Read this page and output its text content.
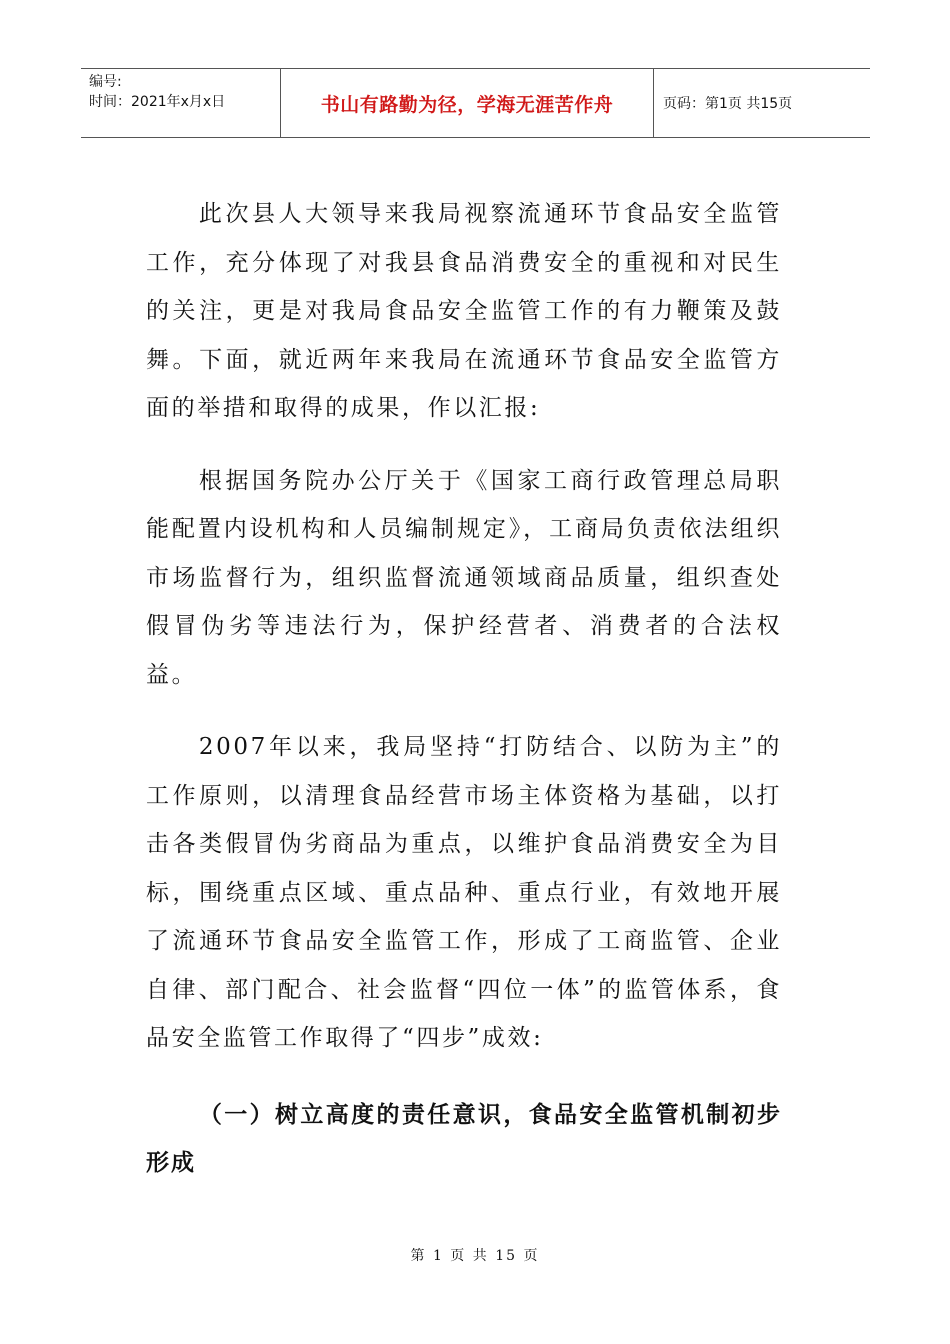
编号:
时间：2021年x月x日	书山有路勤为径，学海无涯苦作舟	页码：第1页 共15页

此次县人大领导来我局视察流通环节食品安全监管工作，充分体现了对我县食品消费安全的重视和对民生的关注，更是对我局食品安全监管工作的有力鞭策及鼓舞。下面，就近两年来我局在流通环节食品安全监管方面的举措和取得的成果，作以汇报:

根据国务院办公厅关于《国家工商行政管理总局职能配置内设机构和人员编制规定》，工商局负责依法组织市场监督行为，组织监督流通领域商品质量，组织查处假冒伪劣等违法行为，保护经营者、消费者的合法权益。

2007年以来，我局坚持“打防结合、以防为主”的工作原则，以清理食品经营市场主体资格为基础，以打击各类假冒伪劣商品为重点，以维护食品消费安全为目标，围绕重点区域、重点品种、重点行业，有效地开展了流通环节食品安全监管工作，形成了工商监管、企业自律、部门配合、社会监督“四位一体”的监管体系，食品安全监管工作取得了“四步”成效:

（一）树立高度的责任意识，食品安全监管机制初步形成

第 1 页 共 15 页
